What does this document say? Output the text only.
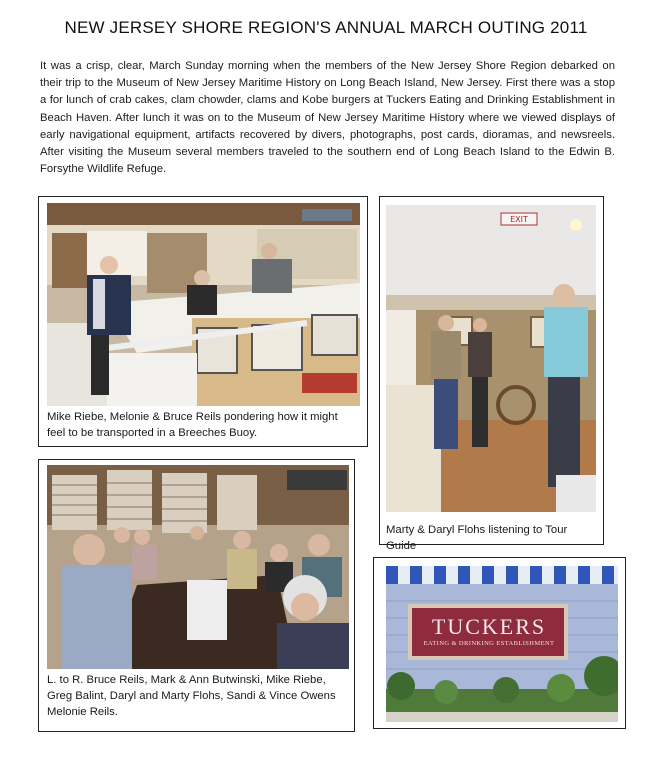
NEW JERSEY SHORE REGION'S ANNUAL MARCH OUTING 2011
It was a crisp, clear, March Sunday morning when the members of the New Jersey Shore Region debarked on their trip to the Museum of New Jersey Maritime History on Long Beach Island, New Jersey. First there was a stop a for lunch of crab cakes, clam chowder, clams and Kobe burgers at Tuckers Eating and Drinking Establishment in Beach Haven. After lunch it was on to the Museum of New Jersey Maritime History where we viewed displays of early navigational equipment, artifacts recovered by divers, photographs, post cards, dioramas, and newsreels. After visiting the Museum several members traveled to the southern end of Long Beach Island to the Edwin B. Forsythe Wildlife Refuge.
Mike Riebe, Melonie & Bruce Reils pondering how it might feel to be transported in a Breeches Buoy.
EXIT
Marty & Daryl Flohs listening to Tour Guide
L. to R. Bruce Reils, Mark & Ann Butwinski, Mike Riebe, Greg Balint, Daryl and Marty Flohs, Sandi & Vince Owens Melonie Reils.
TUCKERS
EATING & DRINKING ESTABLISHMENT
